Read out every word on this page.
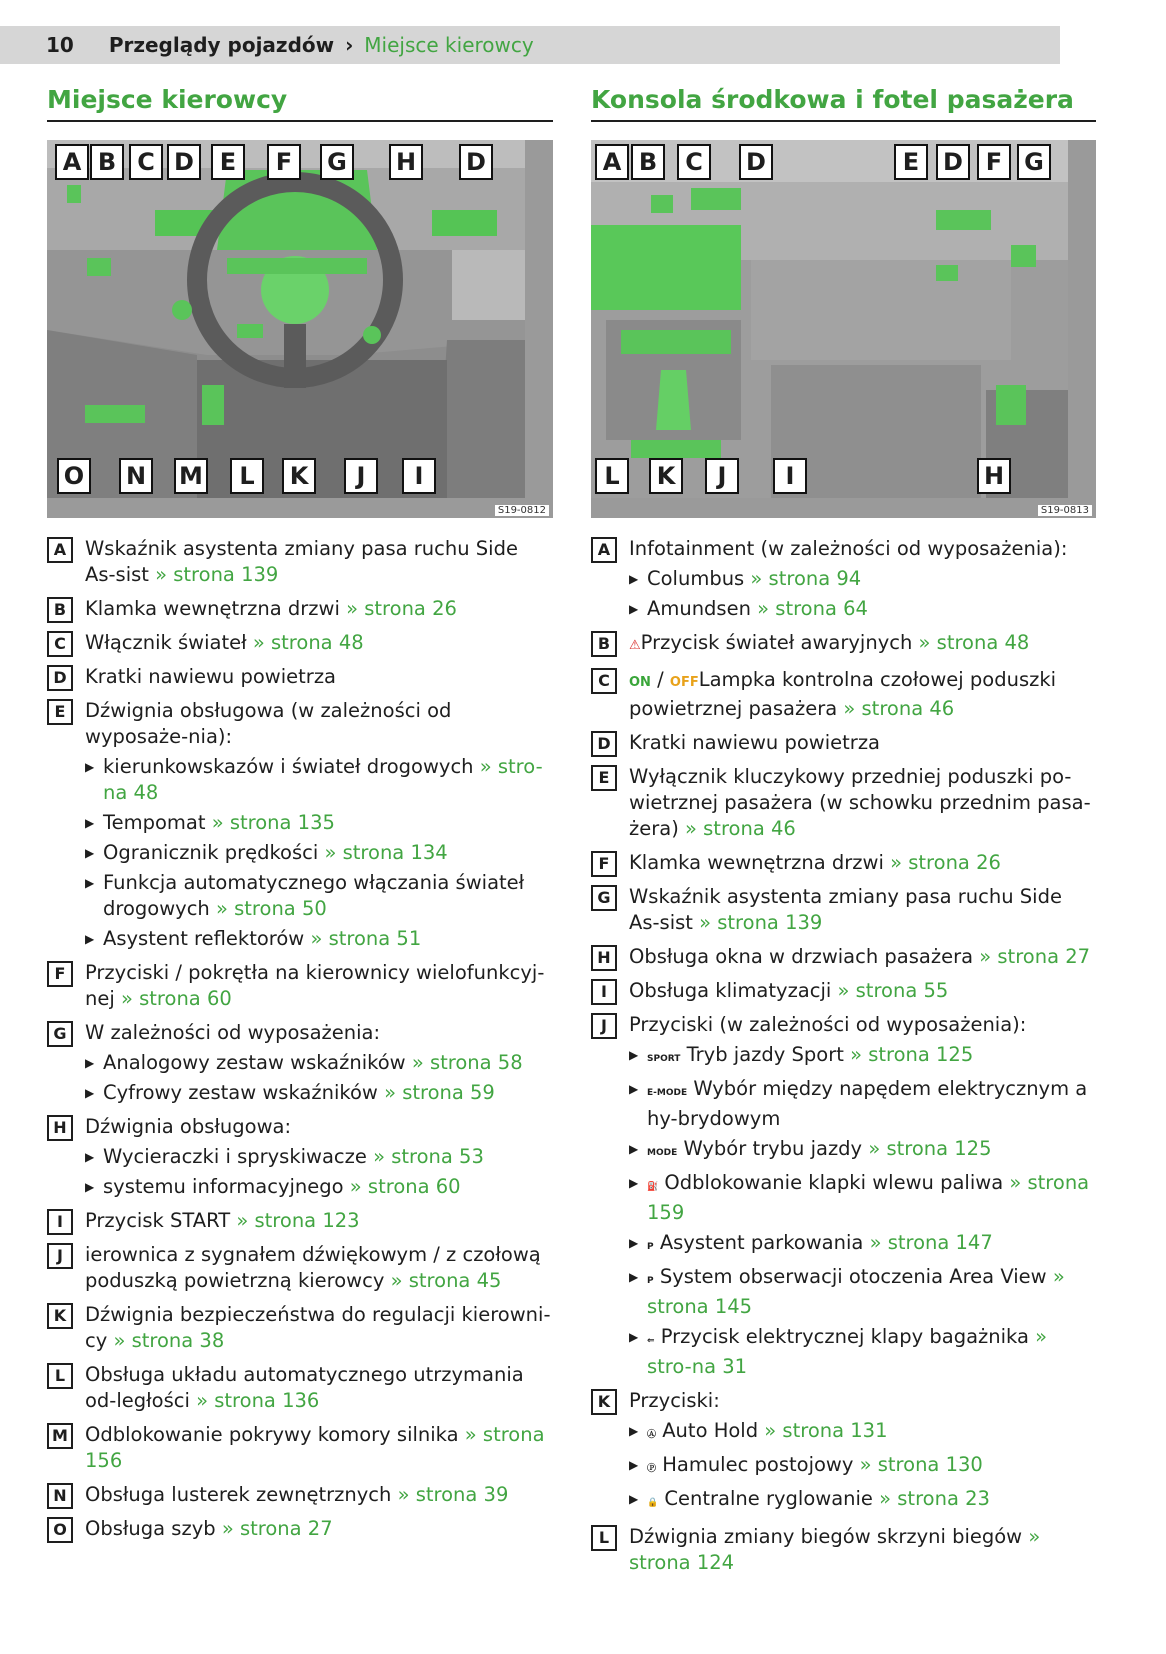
10 Przeglądy pojazdów › Miejsce kierowcy
Miejsce kierowcy
A B C D	E	F	G H D
O N M	L	K	J	I
S19-0812
A Wskaźnik asystenta zmiany pasa ruchu Side As-sist » strona 139
B Klamka wewnętrzna drzwi » strona 26
C Włącznik świateł » strona 48
D Kratki nawiewu powietrza
E	Dźwignia obsługowa (w zależności od wyposaże-nia):
▶ kierunkowskazów i świateł drogowych » stro-na 48
▶ Tempomat » strona 135
▶ Ogranicznik prędkości » strona 134
▶ Funkcja automatycznego włączania świateł drogowych » strona 50
▶ Asystent reflektorów » strona 51
F	Przyciski / pokrętła na kierownicy wielofunkcyj-nej » strona 60
G W zależności od wyposażenia:
▶ Analogowy zestaw wskaźników » strona 58
▶ Cyfrowy zestaw wskaźników » strona 59
H Dźwignia obsługowa:
▶ Wycieraczki i spryskiwacze » strona 53
▶ systemu informacyjnego » strona 60
I	Przycisk START » strona 123
J	ierownica z sygnałem dźwiękowym / z czołową poduszką powietrzną kierowcy » strona 45
K Dźwignia bezpieczeństwa do regulacji kierowni-cy » strona 38
L	Obsługa układu automatycznego utrzymania od-ległości » strona 136
M Odblokowanie pokrywy komory silnika » strona 156
N Obsługa lusterek zewnętrznych » strona 39
O Obsługa szyb » strona 27
Konsola środkowa i fotel pasażera
A B	C	D	E D F G
L	K	J	I	H
S19-0813
A Infotainment (w zależności od wyposażenia):
▶ Columbus » strona 94
▶ Amundsen » strona 64
B	⚠Przycisk świateł awaryjnych » strona 48
C	ON / OFFLampka kontrolna czołowej poduszki powietrznej pasażera » strona 46
D Kratki nawiewu powietrza
E	Wyłącznik kluczykowy przedniej poduszki po-wietrznej pasażera (w schowku przednim pasa-żera) » strona 46
F	Klamka wewnętrzna drzwi » strona 26
G Wskaźnik asystenta zmiany pasa ruchu Side As-sist » strona 139
H Obsługa okna w drzwiach pasażera » strona 27
I	Obsługa klimatyzacji » strona 55
J	Przyciski (w zależności od wyposażenia):
▶ SPORT Tryb jazdy Sport » strona 125
▶ E-MODE Wybór między napędem elektrycznym a hy-brydowym
▶ MODE Wybór trybu jazdy » strona 125
▶ ⛽ Odblokowanie klapki wlewu paliwa » strona 159
▶ P Asystent parkowania » strona 147
▶ P System obserwacji otoczenia Area View » strona 145
▶ ⇐ Przycisk elektrycznej klapy bagażnika » stro-na 31
K Przyciski:
▶ Ⓐ Auto Hold » strona 131
▶ Ⓟ Hamulec postojowy » strona 130
▶ 🔒 Centralne ryglowanie » strona 23
L	Dźwignia zmiany biegów skrzyni biegów » strona 124
